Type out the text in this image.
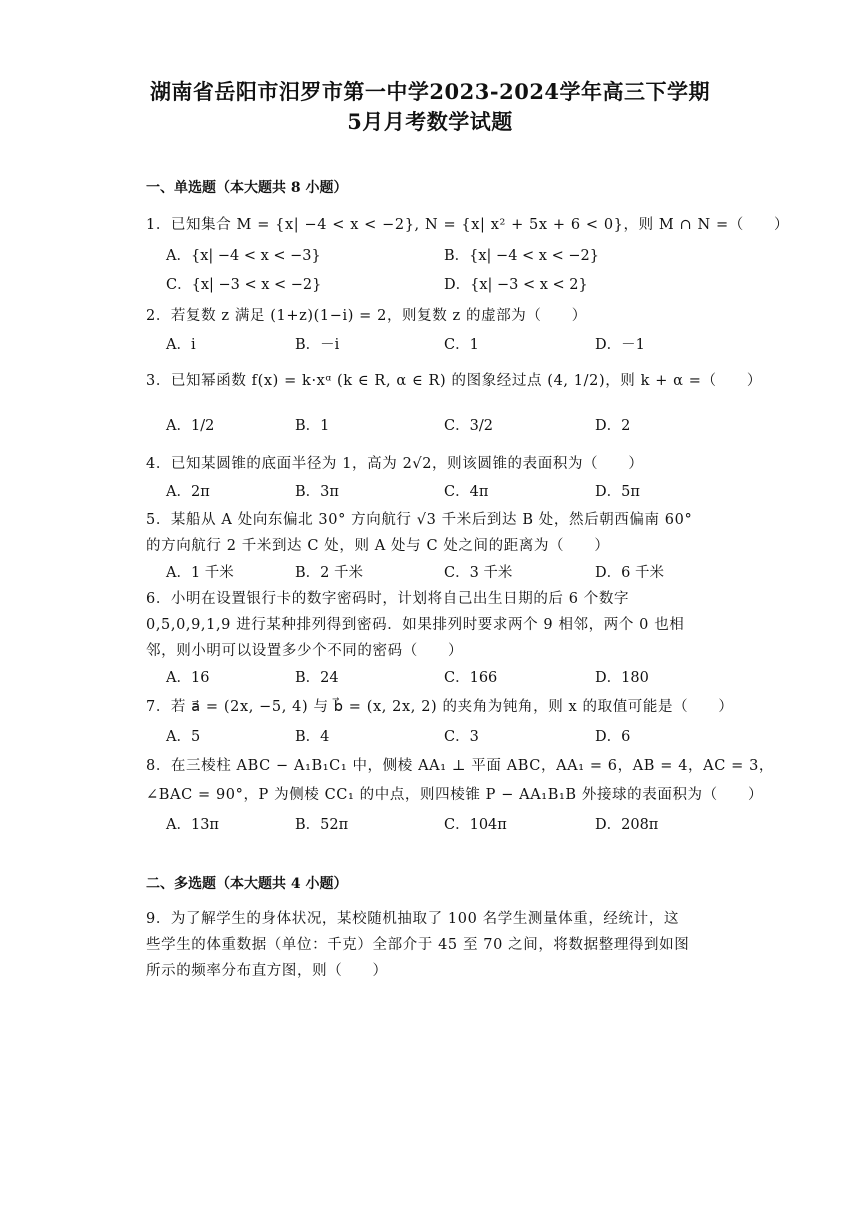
湖南省岳阳市汨罗市第一中学2023-2024学年高三下学期
5月月考数学试题
一、单选题（本大题共 8 小题）
1．已知集合 M = {x| −4 < x < −2}, N = {x| x² + 5x + 6 < 0}，则 M ∩ N =（　　）
A．{x| −4 < x < −3}	B．{x| −4 < x < −2}
C．{x| −3 < x < −2}	D．{x| −3 < x < 2}
2．若复数 z 满足 (1+z)(1−i) = 2，则复数 z 的虚部为（　　）
A．i	B．－i	C．1	D．－1
3．已知幂函数 f(x) = k·xᵅ (k ∈ R, α ∈ R) 的图象经过点 (4, 1/2)，则 k + α =（　　）
A．1/2	B．1	C．3/2	D．2
4．已知某圆锥的底面半径为 1，高为 2√2，则该圆锥的表面积为（　　）
A．2π	B．3π	C．4π	D．5π
5．某船从 A 处向东偏北 30° 方向航行 √3 千米后到达 B 处，然后朝西偏南 60°
的方向航行 2 千米到达 C 处，则 A 处与 C 处之间的距离为（　　）
A．1 千米	B．2 千米	C．3 千米	D．6 千米
6．小明在设置银行卡的数字密码时，计划将自己出生日期的后 6 个数字
0,5,0,9,1,9 进行某种排列得到密码．如果排列时要求两个 9 相邻，两个 0 也相
邻，则小明可以设置多少个不同的密码（　　）
A．16	B．24	C．166	D．180
7．若 a⃗ = (2x, −5, 4) 与 b⃗ = (x, 2x, 2) 的夹角为钝角，则 x 的取值可能是（　　）
A．5	B．4	C．3	D．6
8．在三棱柱 ABC − A₁B₁C₁ 中，侧棱 AA₁ ⊥ 平面 ABC，AA₁ = 6，AB = 4，AC = 3，
∠BAC = 90°，P 为侧棱 CC₁ 的中点，则四棱锥 P − AA₁B₁B 外接球的表面积为（　　）
A．13π	B．52π	C．104π	D．208π
二、多选题（本大题共 4 小题）
9．为了解学生的身体状况，某校随机抽取了 100 名学生测量体重，经统计，这
些学生的体重数据（单位：千克）全部介于 45 至 70 之间，将数据整理得到如图
所示的频率分布直方图，则（　　）
